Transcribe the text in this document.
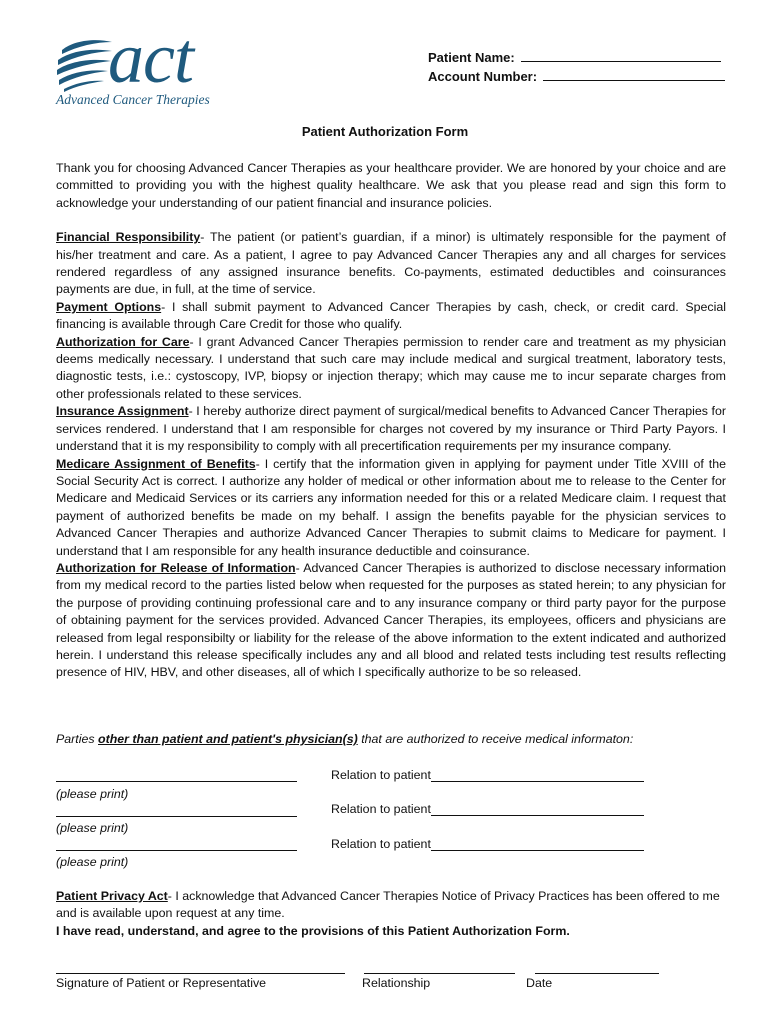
act
Advanced Cancer Therapies
Patient Name:
Account Number:
Patient Authorization Form

Thank you for choosing Advanced Cancer Therapies as your healthcare provider. We are honored by your choice and are committed to providing you with the highest quality healthcare. We ask that you please read and sign this form to acknowledge your understanding of our patient financial and insurance policies.

Financial Responsibility- The patient (or patient’s guardian, if a minor) is ultimately responsible for the payment of his/her treatment and care. As a patient, I agree to pay Advanced Cancer Therapies any and all charges for services rendered regardless of any assigned insurance benefits. Co-payments, estimated deductibles and coinsurances payments are due, in full, at the time of service.

Payment Options- I shall submit payment to Advanced Cancer Therapies by cash, check, or credit card. Special financing is available through Care Credit for those who qualify.

Authorization for Care- I grant Advanced Cancer Therapies permission to render care and treatment as my physician deems medically necessary. I understand that such care may include medical and surgical treatment, laboratory tests, diagnostic tests, i.e.: cystoscopy, IVP, biopsy or injection therapy; which may cause me to incur separate charges from other professionals related to these services.

Insurance Assignment- I hereby authorize direct payment of surgical/medical benefits to Advanced Cancer Therapies for services rendered. I understand that I am responsible for charges not covered by my insurance or Third Party Payors. I understand that it is my responsibility to comply with all precertification requirements per my insurance company.

Medicare Assignment of Benefits- I certify that the information given in applying for payment under Title XVIII of the Social Security Act is correct. I authorize any holder of medical or other information about me to release to the Center for Medicare and Medicaid Services or its carriers any information needed for this or a related Medicare claim. I request that payment of authorized benefits be made on my behalf. I assign the benefits payable for the physician services to Advanced Cancer Therapies and authorize Advanced Cancer Therapies to submit claims to Medicare for payment. I understand that I am responsible for any health insurance deductible and coinsurance.

Authorization for Release of Information- Advanced Cancer Therapies is authorized to disclose necessary information from my medical record to the parties listed below when requested for the purposes as stated herein; to any physician for the purpose of providing continuing professional care and to any insurance company or third party payor for the purpose of obtaining payment for the services provided. Advanced Cancer Therapies, its employees, officers and physicians are released from legal responsibilty or liability for the release of the above information to the extent indicated and authorized herein. I understand this release specifically includes any and all blood and related tests including test results reflecting presence of HIV, HBV, and other diseases, all of which I specifically authorize to be so released.

Parties other than patient and patient's physician(s) that are authorized to receive medical informaton:
(please print)
Relation to patient
(please print)
Relation to patient
(please print)
Relation to patient

Patient Privacy Act- I acknowledge that Advanced Cancer Therapies Notice of Privacy Practices has been offered to me and is available upon request at any time.

I have read, understand, and agree to the provisions of this Patient Authorization Form.

Signature of Patient or Representative	Relationship	Date
